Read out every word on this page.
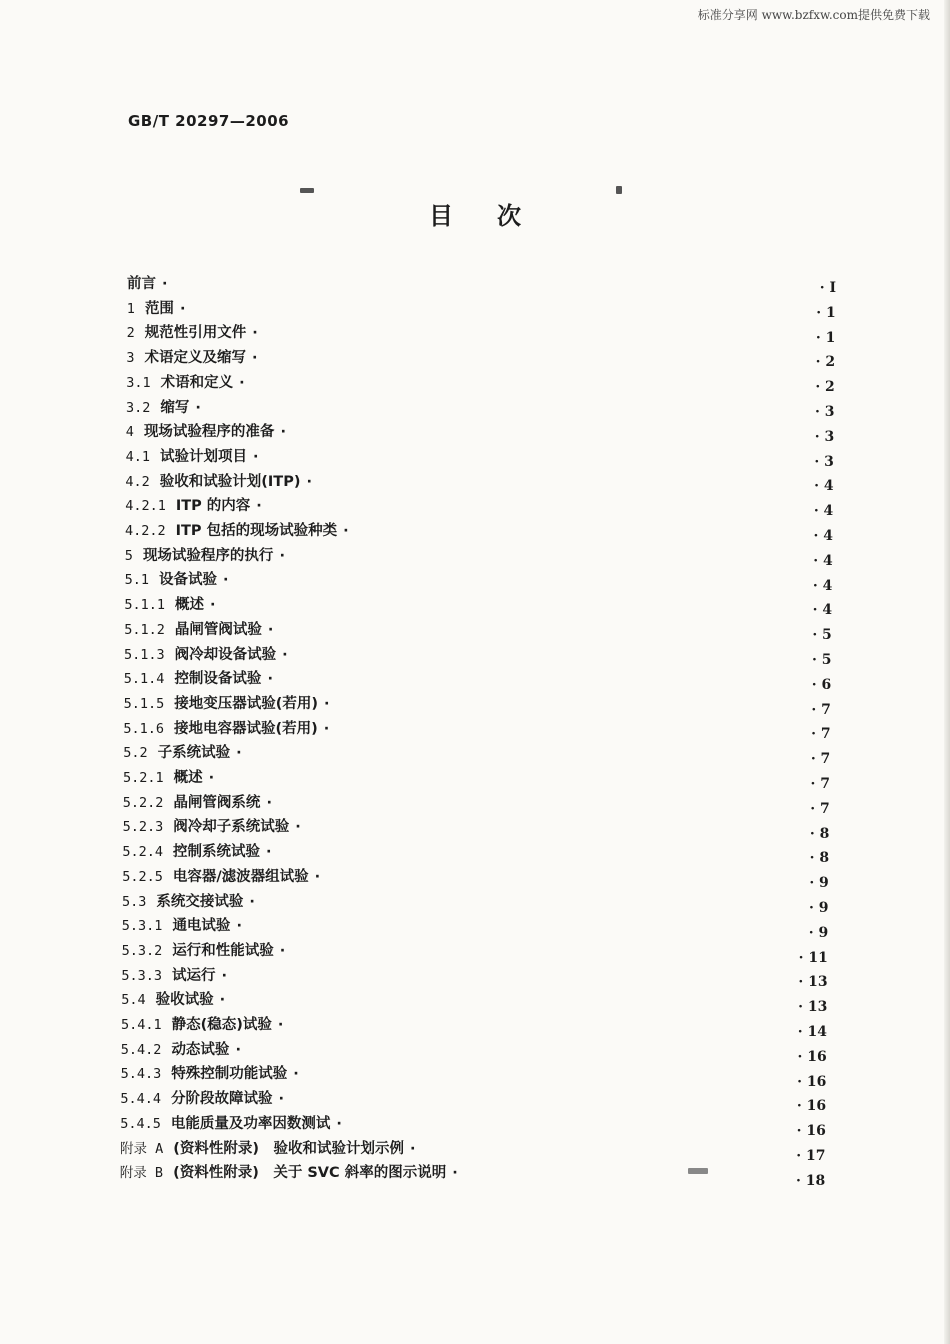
标准分享网 www.bzfxw.com提供免费下载
GB/T 20297—2006
目次
前言 ·	· I
1 范围 ·	· 1
2 规范性引用文件 ·	· 1
3 术语定义及缩写 ·	· 2
3.1 术语和定义 ·	· 2
3.2 缩写 ·	· 3
4 现场试验程序的准备 ·	· 3
4.1 试验计划项目 ·	· 3
4.2 验收和试验计划(ITP) ·	· 4
4.2.1 ITP 的内容 ·	· 4
4.2.2 ITP 包括的现场试验种类 ·	· 4
5 现场试验程序的执行 ·	· 4
5.1 设备试验 ·	· 4
5.1.1 概述 ·	· 4
5.1.2 晶闸管阀试验 ·	· 5
5.1.3 阀冷却设备试验 ·	· 5
5.1.4 控制设备试验 ·	· 6
5.1.5 接地变压器试验(若用) ·	· 7
5.1.6 接地电容器试验(若用) ·	· 7
5.2 子系统试验 ·	· 7
5.2.1 概述 ·	· 7
5.2.2 晶闸管阀系统 ·	· 7
5.2.3 阀冷却子系统试验 ·	· 8
5.2.4 控制系统试验 ·	· 8
5.2.5 电容器/滤波器组试验 ·	· 9
5.3 系统交接试验 ·	· 9
5.3.1 通电试验 ·	· 9
5.3.2 运行和性能试验 ·	· 11
5.3.3 试运行 ·	· 13
5.4 验收试验 ·	· 13
5.4.1 静态(稳态)试验 ·	· 14
5.4.2 动态试验 ·	· 16
5.4.3 特殊控制功能试验 ·	· 16
5.4.4 分阶段故障试验 ·	· 16
5.4.5 电能质量及功率因数测试 ·	· 16
附录 A (资料性附录)　验收和试验计划示例 ·	· 17
附录 B (资料性附录)　关于 SVC 斜率的图示说明 ·	· 18
